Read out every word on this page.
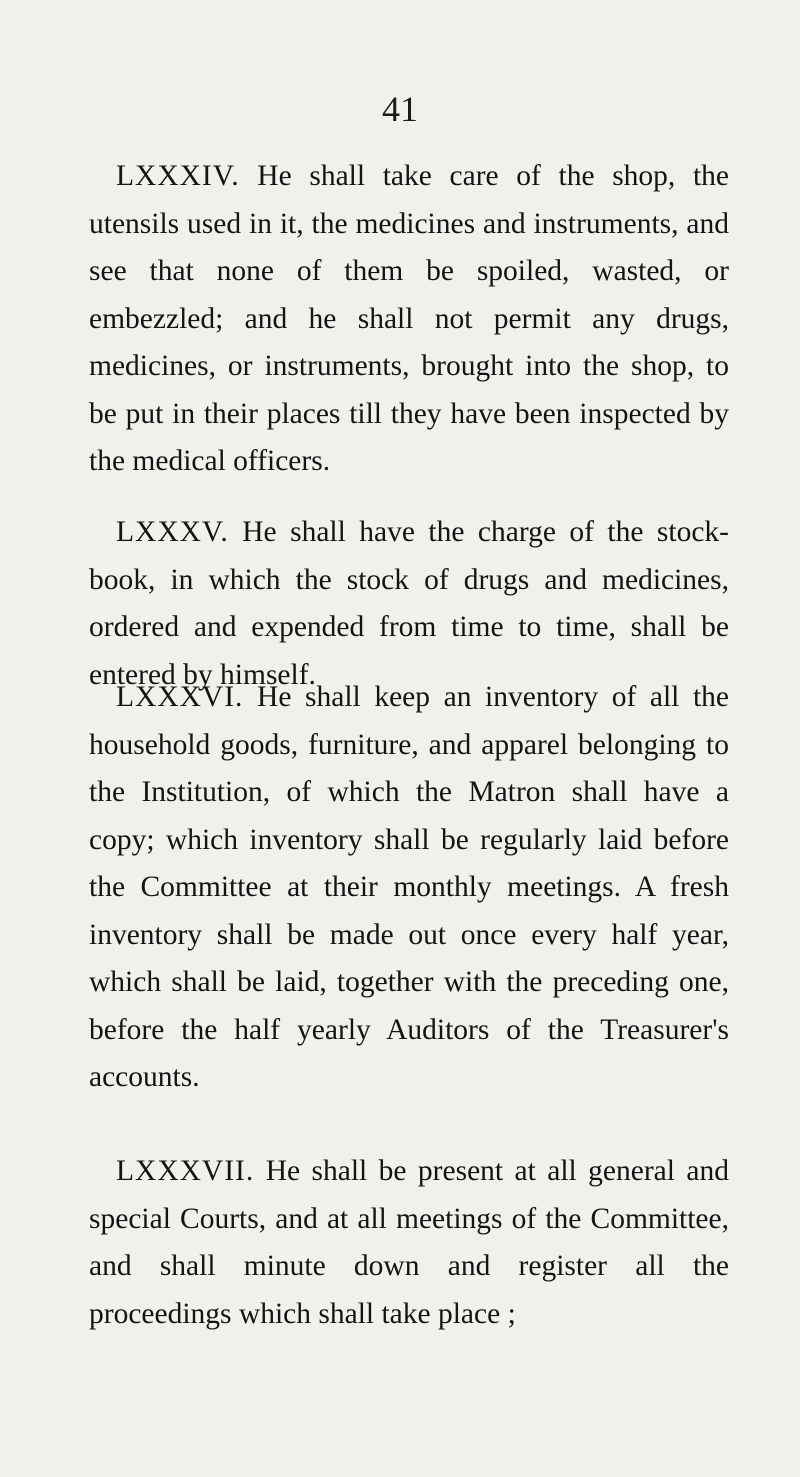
41

LXXXIV. He shall take care of the shop, the utensils used in it, the medicines and instruments, and see that none of them be spoiled, wasted, or embezzled; and he shall not permit any drugs, medicines, or instruments, brought into the shop, to be put in their places till they have been inspected by the medical officers.

LXXXV. He shall have the charge of the stock-book, in which the stock of drugs and medicines, ordered and expended from time to time, shall be entered by himself.

LXXXVI. He shall keep an inventory of all the household goods, furniture, and apparel belonging to the Institution, of which the Matron shall have a copy; which inventory shall be regularly laid before the Committee at their monthly meetings. A fresh inventory shall be made out once every half year, which shall be laid, together with the preceding one, before the half yearly Auditors of the Treasurer's accounts.

LXXXVII. He shall be present at all general and special Courts, and at all meetings of the Committee, and shall minute down and register all the proceedings which shall take place ;
